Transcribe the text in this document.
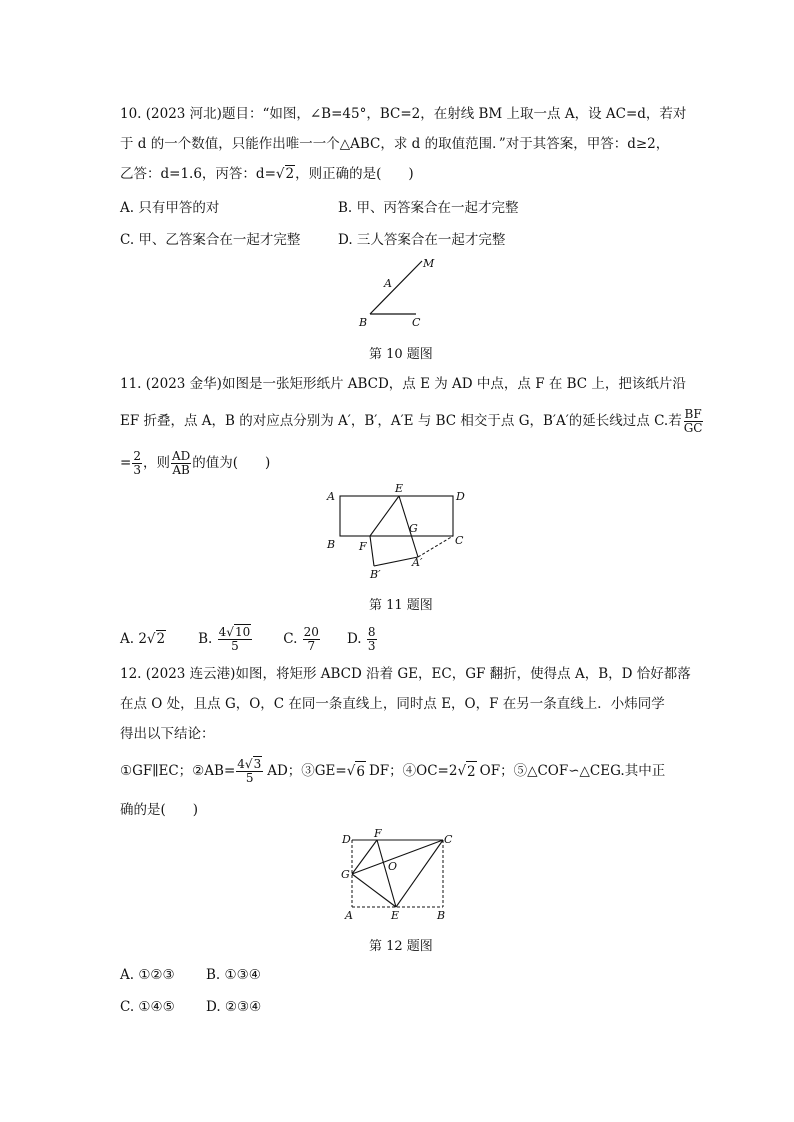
10. (2023 河北)题目：“如图，∠B=45°，BC=2，在射线 BM 上取一点 A，设 AC=d，若对
于 d 的一个数值，只能作出唯一一个△ABC，求 d 的取值范围．”对于其答案，甲答：d≥2，
乙答：d=1.6，丙答：d=√2，则正确的是(　　)
A. 只有甲答的对	B. 甲、丙答案合在一起才完整
C. 甲、乙答案合在一起才完整	D. 三人答案合在一起才完整
M
A
B	C
第 10 题图
11. (2023 金华)如图是一张矩形纸片 ABCD，点 E 为 AD 中点，点 F 在 BC 上，把该纸片沿
EF 折叠，点 A，B 的对应点分别为 A′，B′，A′E 与 BC 相交于点 G，B′A′的延长线过点 C.若 $\frac{BF}{GC}$
= $\frac{2}{3}$ ，则 $\frac{AD}{AB}$ 的值为(　　)
A
E
D
B F
G
C
A′
B′
第 11 题图
A. 2√2 B. $\frac{4√10}{5} C$. $\frac{20}{7} D$. $\frac{8}{3}$
12. (2023 连云港)如图，将矩形 ABCD 沿着 GE，EC，GF 翻折，使得点 A，B，D 恰好都落
在点 O 处，且点 G，O，C 在同一条直线上，同时点 E，O，F 在另一条直线上．小炜同学
得出以下结论：
①GF∥EC；②AB= $\frac{4√3}{5}$ AD；③GE= √ 6 DF；④OC=2 √ 2 OF；⑤△COF∽△CEG.其中正
确的是(　　)
D F	C
G
O
A	E	B
第 12 题图
A. ①②③ B. ①③④
C. ①④⑤ D. ②③④
